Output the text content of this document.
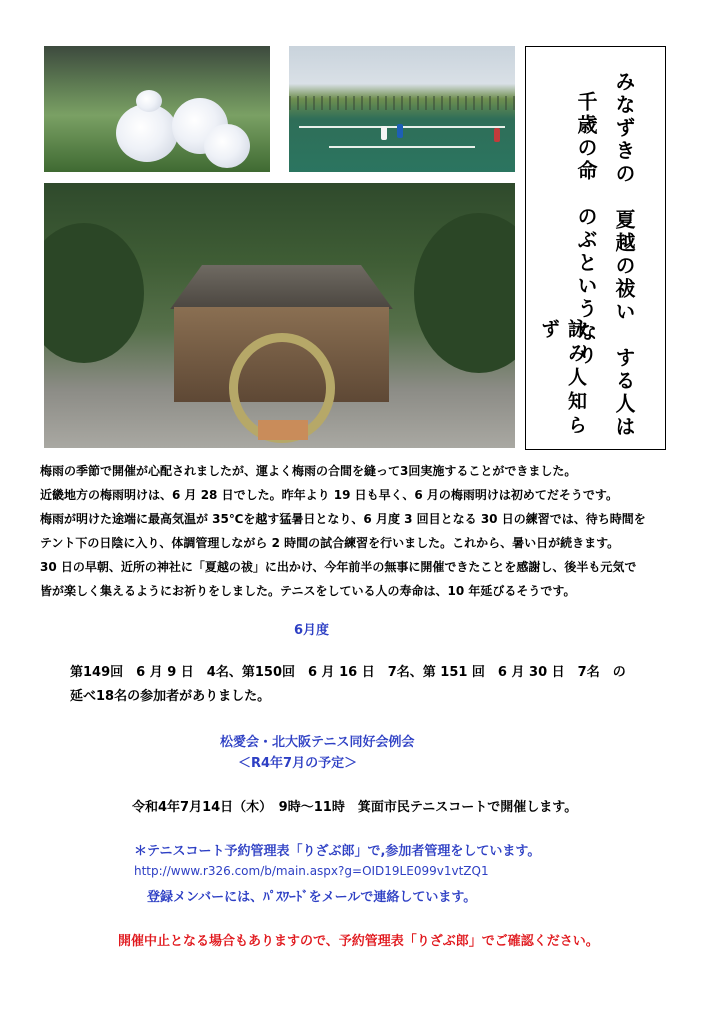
みなずきの　夏越の祓い　する人は
千歳の命　のぶというなり
詠み人知らず
梅雨の季節で開催が心配されましたが、運よく梅雨の合間を縫って3回実施することができました。
近畿地方の梅雨明けは、6 月 28 日でした。昨年より 19 日も早く、6 月の梅雨明けは初めてだそうです。
梅雨が明けた途端に最高気温が 35℃を越す猛暑日となり、6 月度 3 回目となる 30 日の練習では、待ち時間を
テント下の日陰に入り、体調管理しながら 2 時間の試合練習を行いました。これから、暑い日が続きます。
30 日の早朝、近所の神社に「夏越の祓」に出かけ、今年前半の無事に開催できたことを感謝し、後半も元気で
皆が楽しく集えるようにお祈りをしました。テニスをしている人の寿命は、10 年延びるそうです。
6月度
第149回　6 月 9 日　4名、第150回　6 月 16 日　7名、第 151 回　6 月 30 日　7名　の
延べ18名の参加者がありました。
松愛会・北大阪テニス同好会例会
＜R4年7月の予定＞
令和4年7月14日（木）　9時～11時　箕面市民テニスコートで開催します。
＊テニスコート予約管理表「りざぶ郎」で,参加者管理をしています。
http://www.r326.com/b/main.aspx?g=OID19LE099v1vtZQ1
登録メンバーには、ﾊﾟｽﾜｰﾄﾞをメールで連絡しています。
開催中止となる場合もありますので、予約管理表「りざぶ郎」でご確認ください。
